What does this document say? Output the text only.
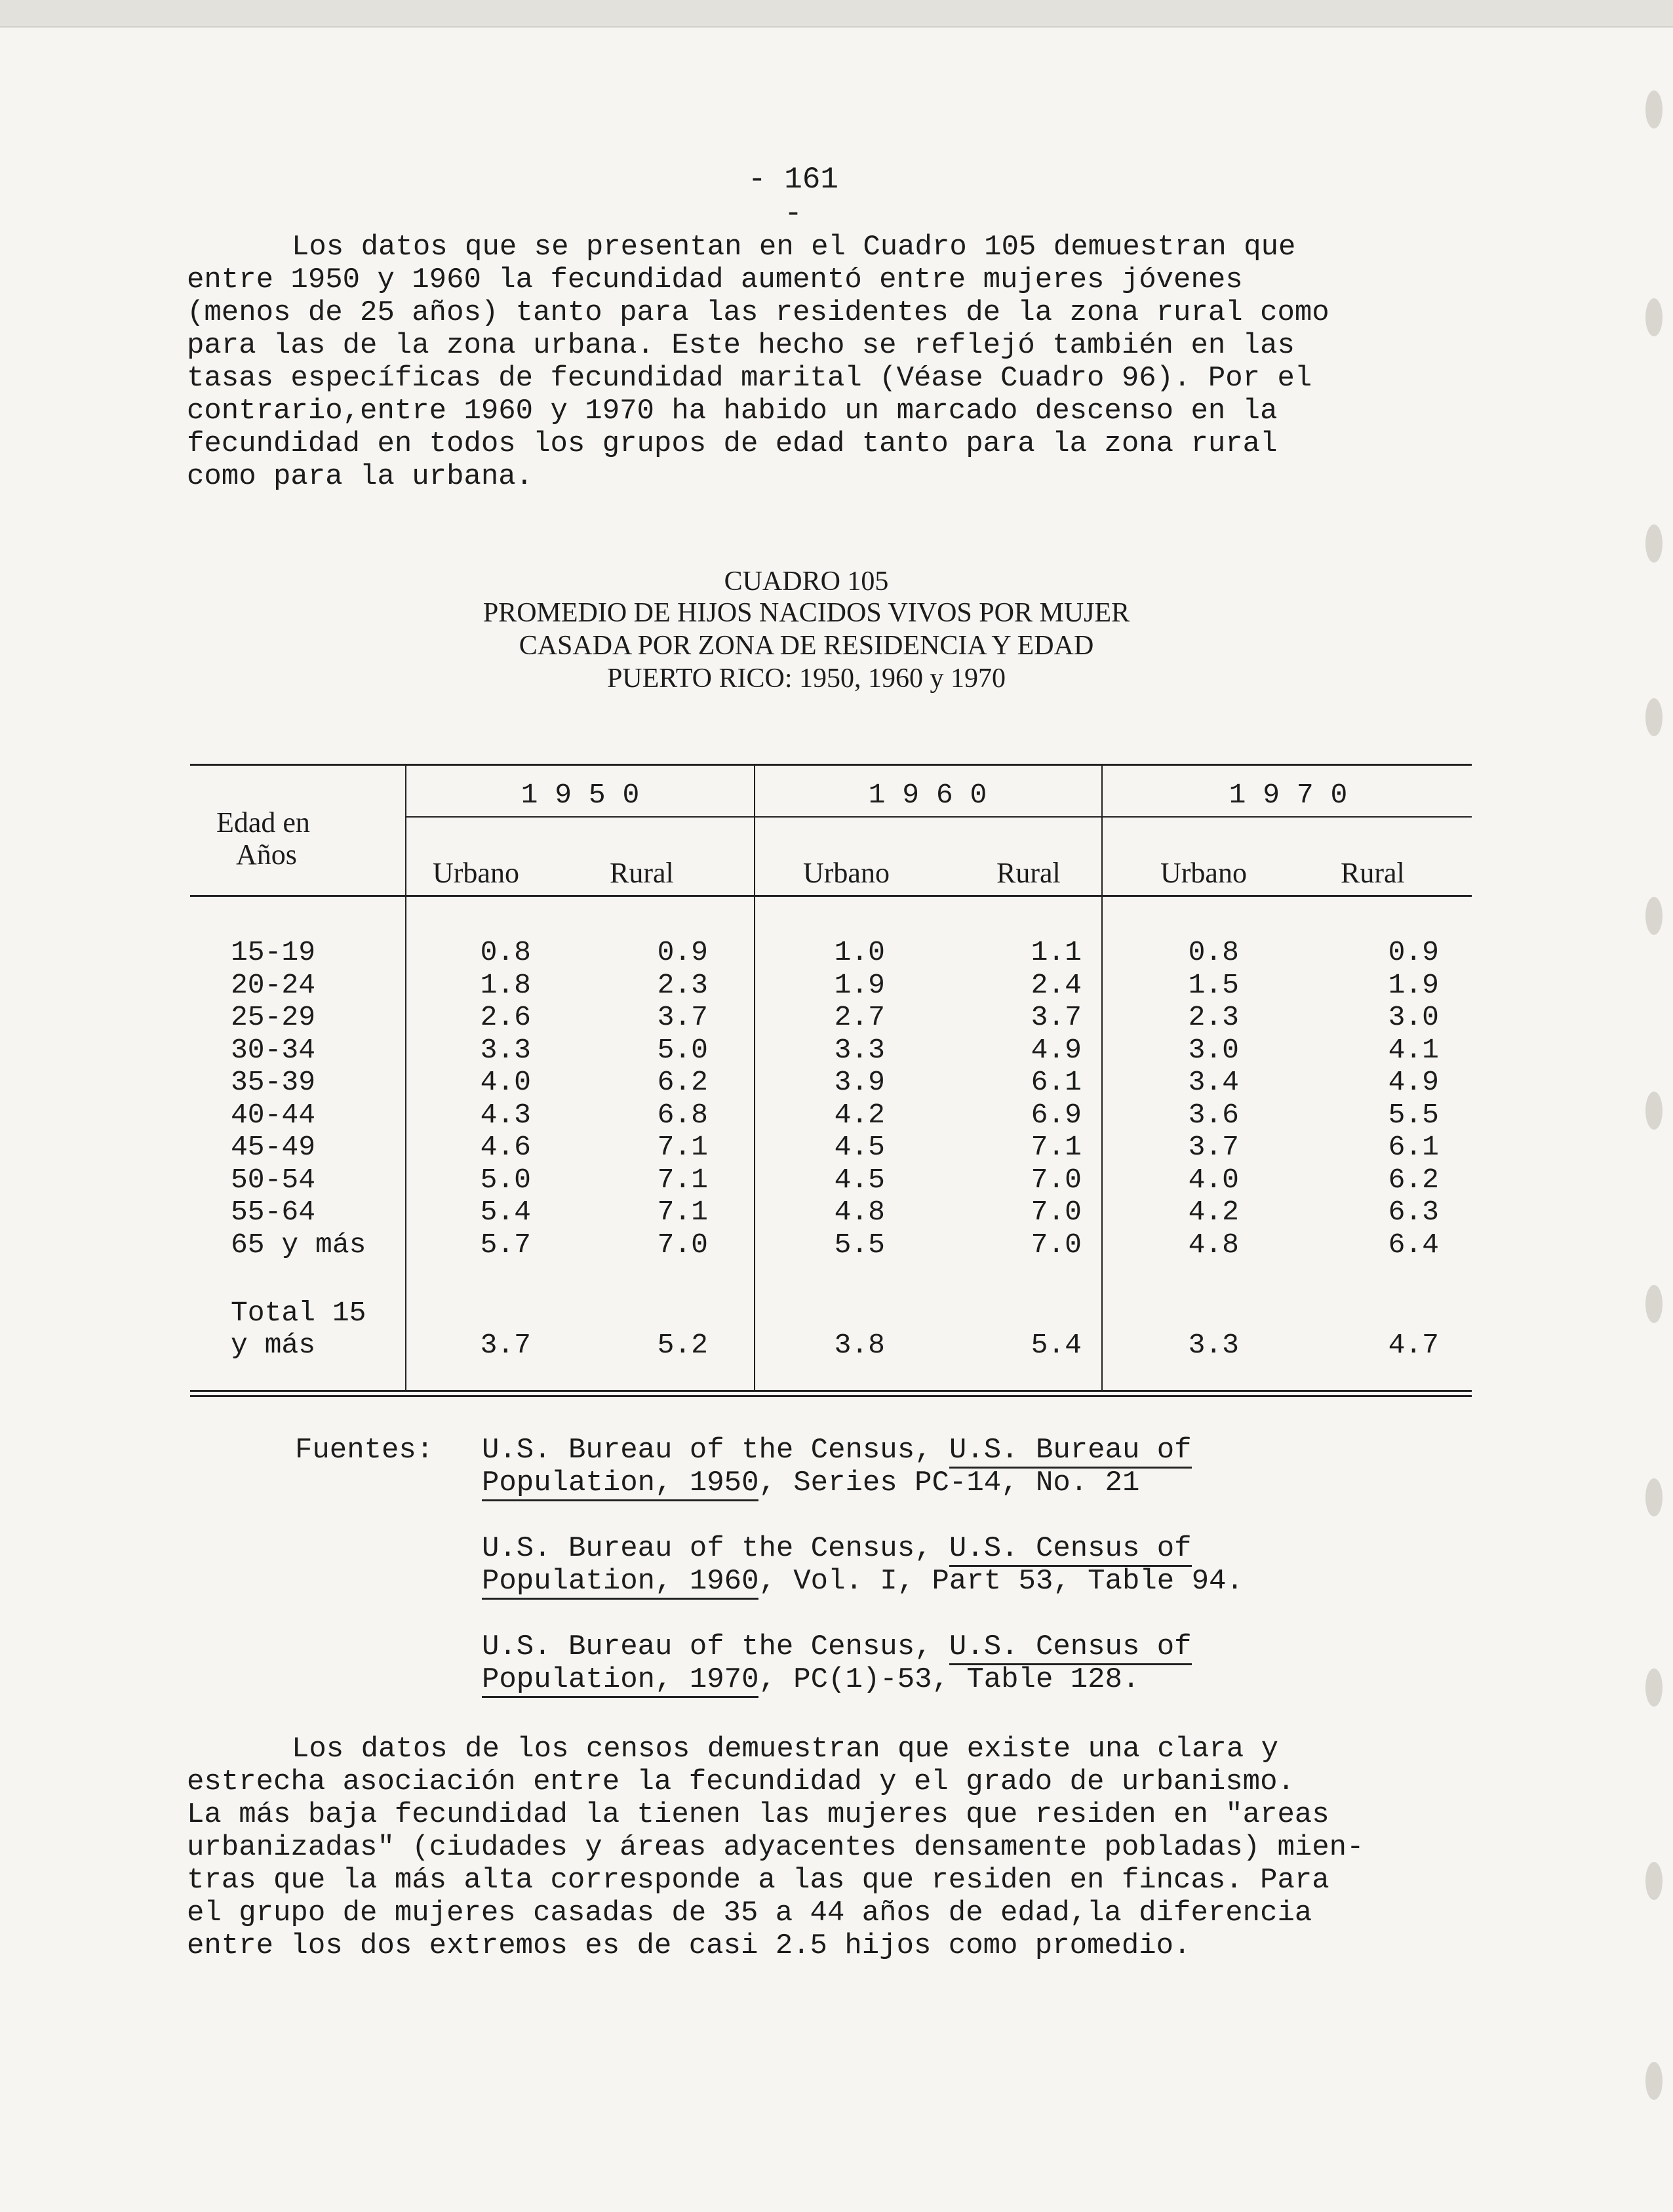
- 161 -
Los datos que se presentan en el Cuadro 105 demuestran que
entre 1950 y 1960 la fecundidad aumentó entre mujeres jóvenes
(menos de 25 años) tanto para las residentes de la zona rural como
para las de la zona urbana. Este hecho se reflejó también en las
tasas específicas de fecundidad marital (Véase Cuadro 96). Por el
contrario,entre 1960 y 1970 ha habido un marcado descenso en la
fecundidad en todos los grupos de edad tanto para la zona rural
como para la urbana.
CUADRO 105
PROMEDIO DE HIJOS NACIDOS VIVOS POR MUJER
CASADA POR ZONA DE RESIDENCIA Y EDAD
PUERTO RICO: 1950, 1960 y 1970
Edad en
Años
1 9 5 0	1 9 6 0	1 9 7 0
Urbano	Rural	Urbano	Rural	Urbano	Rural
15-19	0.8	0.9	1.0	1.1	0.8	0.9
20-24	1.8	2.3	1.9	2.4	1.5	1.9
25-29	2.6	3.7	2.7	3.7	2.3	3.0
30-34	3.3	5.0	3.3	4.9	3.0	4.1
35-39	4.0	6.2	3.9	6.1	3.4	4.9
40-44	4.3	6.8	4.2	6.9	3.6	5.5
45-49	4.6	7.1	4.5	7.1	3.7	6.1
50-54	5.0	7.1	4.5	7.0	4.0	6.2
55-64	5.4	7.1	4.8	7.0	4.2	6.3
65 y más	5.7	7.0	5.5	7.0	4.8	6.4
Total 15
y más	3.7	5.2	3.8	5.4	3.3	4.7
Fuentes: U.S. Bureau of the Census, U.S. Bureau of
Population, 1950, Series PC-14, No. 21
U.S. Bureau of the Census, U.S. Census of
Population, 1960, Vol. I, Part 53, Table 94.
U.S. Bureau of the Census, U.S. Census of
Population, 1970, PC(1)-53, Table 128.
Los datos de los censos demuestran que existe una clara y
estrecha asociación entre la fecundidad y el grado de urbanismo.
La más baja fecundidad la tienen las mujeres que residen en "areas
urbanizadas" (ciudades y áreas adyacentes densamente pobladas) mien-
tras que la más alta corresponde a las que residen en fincas. Para
el grupo de mujeres casadas de 35 a 44 años de edad,la diferencia
entre los dos extremos es de casi 2.5 hijos como promedio.
